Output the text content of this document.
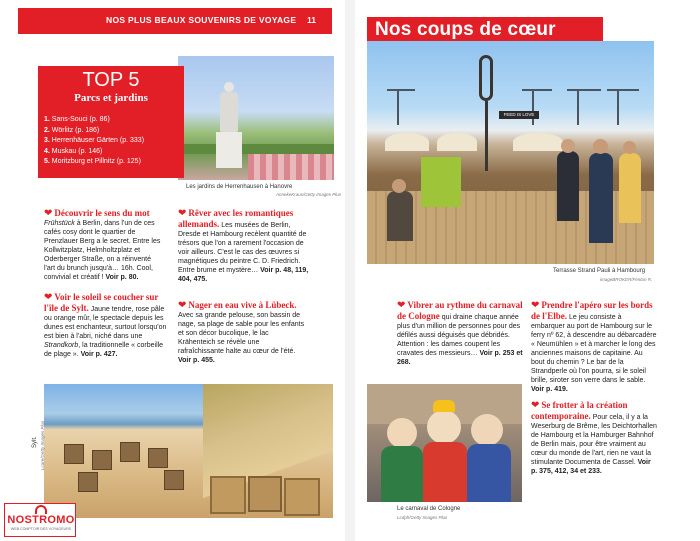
NOS PLUS BEAUX SOUVENIRS DE VOYAGE 11
Les jardins de Herrenhausen à Hanovre
AnnekeKraus/Getty Images Plus
TOP 5
Parcs et jardins
1. Sans-Souci (p. 86)
2. Wörlitz (p. 186)
3. Herrenhäuser Gärten (p. 333)
4. Muskau (p. 146)
5. Moritzburg et Pillnitz (p. 125)
❤ Découvrir le sens du mot Frühstück à Berlin, dans l'un de ces cafés cosy dont le quartier de Prenzlauer Berg a le secret. Entre les Kollwitzplatz, Helmholtzplatz et Oderberger Straße, on a réinventé l'art du brunch jusqu'à… 16h. Cool, convivial et créatif ! Voir p. 80.
❤ Rêver avec les romantiques allemands. Les musées de Berlin, Dresde et Hambourg recèlent quantité de trésors que l'on a rarement l'occasion de voir ailleurs. C'est le cas des œuvres si magnétiques du peintre C. D. Friedrich. Entre brume et mystère… Voir p. 48, 119, 404, 475.
❤ Voir le soleil se coucher sur l'île de Sylt. Jaune tendre, rose pâle ou orange mûr, le spectacle depuis les dunes est enchanteur, surtout lorsqu'on est bien à l'abri, niché dans une Strandkorb, la traditionnelle « corbeille de plage ». Voir p. 427.
❤ Nager en eau vive à Lübeck. Avec sa grande pelouse, son bassin de nage, sa plage de sable pour les enfants et son décor bucolique, le lac Krähenteich se révèle une rafraîchissante halte au cœur de l'été. Voir p. 455.
Sylt. Lcare/Getty Images Plus
NOSTROMO
WEB COMPTOIR DES VOYAGEURS
Nos coups de cœur
FEED IS LOVE
Terrasse Strand Pauli à Hambourg
imageBROKER/Fenton R.
❤ Vibrer au rythme du carnaval de Cologne qui draine chaque année plus d'un million de personnes pour des défilés aussi déguisés que débridés. Attention : les dames coupent les cravates des messieurs… Voir p. 253 et 268.
❤ Prendre l'apéro sur les bords de l'Elbe. Le jeu consiste à embarquer au port de Hambourg sur le ferry nº 62, à descendre au débarcadère « Neumühlen » et à marcher le long des anciennes maisons de capitaine. Au bout du chemin ? Le bar de la Strandperle où l'on pourra, si le soleil brille, siroter son verre dans le sable. Voir p. 419.
❤ Se frotter à la création contemporaine. Pour cela, il y a la Weserburg de Brême, les Deichtorhallen de Hambourg et la Hamburger Bahnhof de Berlin mais, pour être vraiment au cœur du monde de l'art, rien ne vaut la stimulante Documenta de Cassel. Voir p. 375, 412, 34 et 233.
Le carnaval de Cologne
Lcdph/Getty Images Plus
